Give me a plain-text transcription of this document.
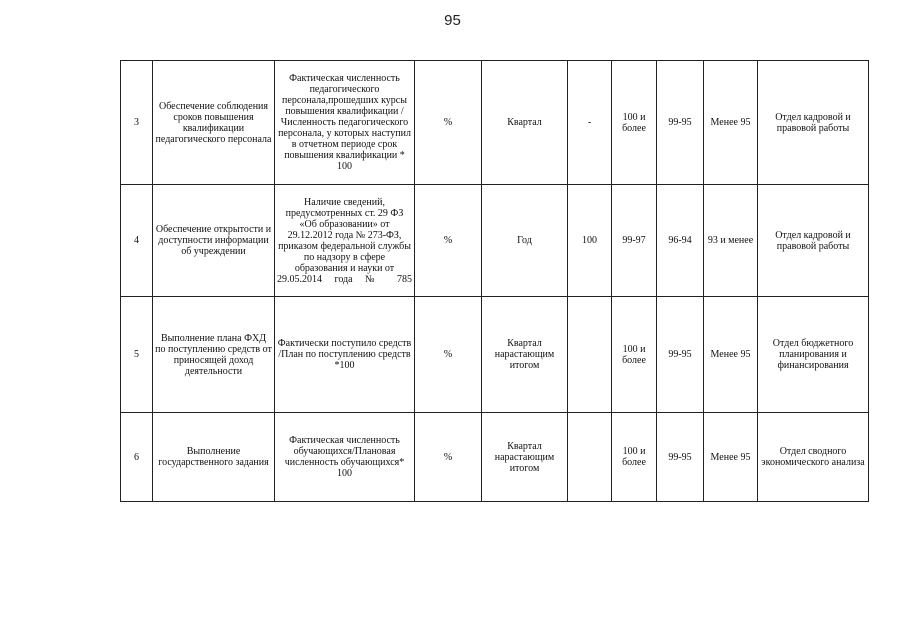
95
3	Обеспечение соблюдения сроков повышения квалификации педагогического персонала	Фактическая численность педагогического персонала,прошедших курсы повышения квалификации /Численность педагогического персонала, у которых наступил в отчетном периоде срок повышения квалификации * 100	%	Квартал	-	100 и более	99-95	Менее 95	Отдел кадровой и правовой работы
4	Обеспечение открытости и доступности информации об учреждении	Наличие сведений, предусмотренных ст. 29 ФЗ «Об образовании» от 29.12.2012 года № 273-ФЗ, приказом федеральной службы по надзору в сфере образования и науки от 29.05.2014 года № 785	%	Год	100	99-97	96-94	93 и менее	Отдел кадровой и правовой работы
5	Выполнение плана ФХД по поступлению средств от приносящей доход деятельности	Фактически поступило средств /План по поступлению средств *100	%	Квартал нарастающим итогом		100 и более	99-95	Менее 95	Отдел бюджетного планирования и финансирования
6	Выполнение государственного задания	Фактическая численность обучающихся/Плановая численность обучающихся* 100	%	Квартал нарастающим итогом		100 и более	99-95	Менее 95	Отдел сводного экономического анализа
